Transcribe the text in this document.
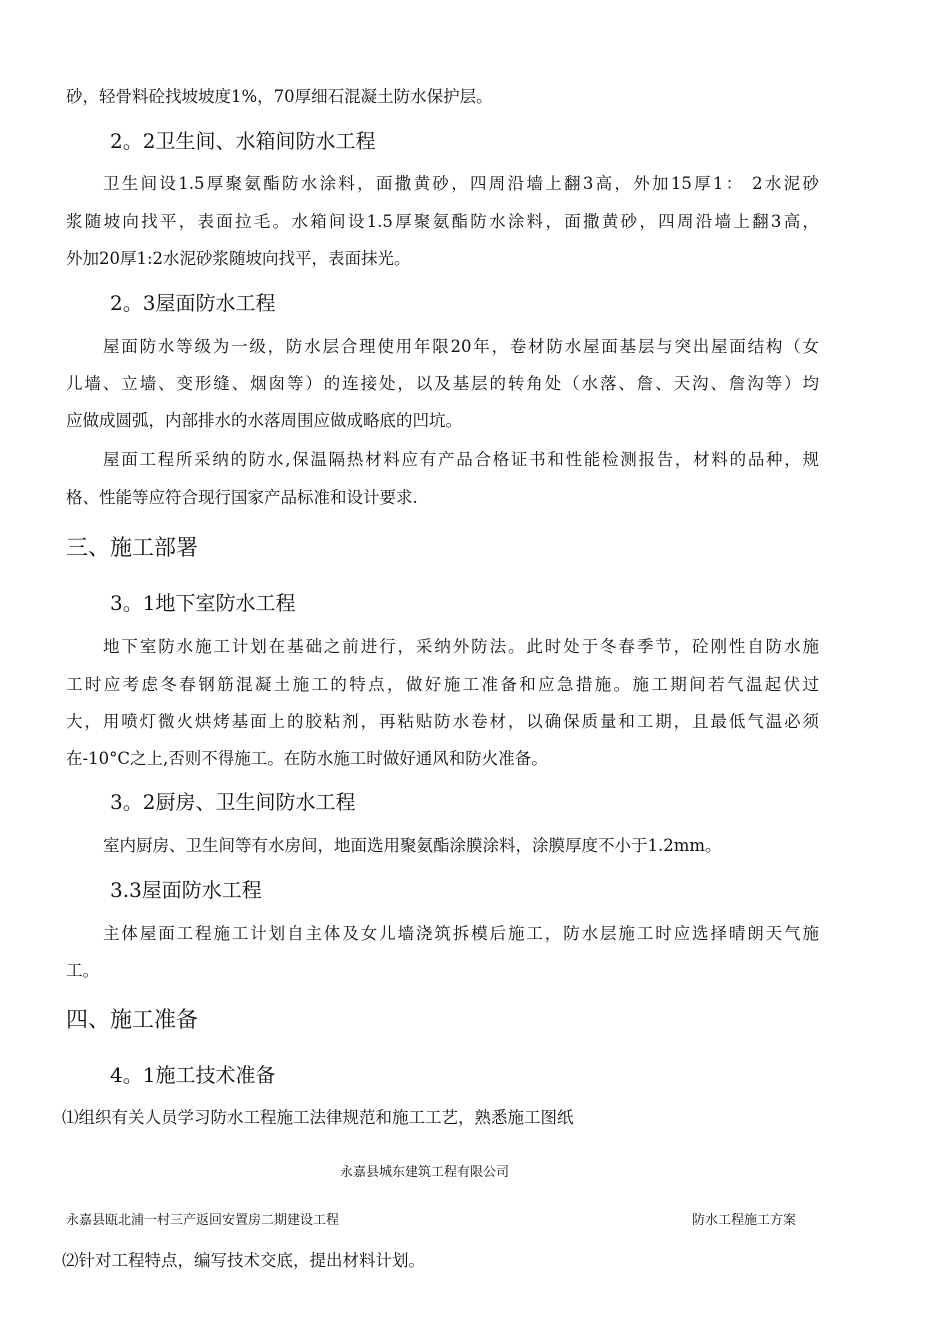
砂，轻骨料砼找坡坡度1%，70厚细石混凝土防水保护层。
2。2卫生间、水箱间防水工程
卫生间设1.5厚聚氨酯防水涂料，面撒黄砂，四周沿墙上翻3高，外加15厚1： 2水泥砂
浆随坡向找平，表面拉毛。水箱间设1.5厚聚氨酯防水涂料，面撒黄砂，四周沿墙上翻3高，
外加20厚1:2水泥砂浆随坡向找平，表面抹光。
2。3屋面防水工程
屋面防水等级为一级，防水层合理使用年限20年，卷材防水屋面基层与突出屋面结构（女
儿墙、立墙、变形缝、烟囱等）的连接处，以及基层的转角处（水落、詹、天沟、詹沟等）均
应做成圆弧，内部排水的水落周围应做成略底的凹坑。
屋面工程所采纳的防水,保温隔热材料应有产品合格证书和性能检测报告，材料的品种，规
格、性能等应符合现行国家产品标准和设计要求.
三、施工部署
3。1地下室防水工程
地下室防水施工计划在基础之前进行，采纳外防法。此时处于冬春季节，砼刚性自防水施
工时应考虑冬春钢筋混凝土施工的特点，做好施工准备和应急措施。施工期间若气温起伏过
大，用喷灯微火烘烤基面上的胶粘剂，再粘贴防水卷材，以确保质量和工期，且最低气温必须
在-10°C之上,否则不得施工。在防水施工时做好通风和防火准备。
3。2厨房、卫生间防水工程
室内厨房、卫生间等有水房间，地面选用聚氨酯涂膜涂料，涂膜厚度不小于1.2mm。
3.3屋面防水工程
主体屋面工程施工计划自主体及女儿墙浇筑拆模后施工，防水层施工时应选择晴朗天气施
工。
四、施工准备
4。1施工技术准备
⑴组织有关人员学习防水工程施工法律规范和施工工艺，熟悉施工图纸
永嘉县城东建筑工程有限公司
永嘉县瓯北浦一村三产返回安置房二期建设工程	防水工程施工方案
⑵针对工程特点，编写技术交底，提出材料计划。
